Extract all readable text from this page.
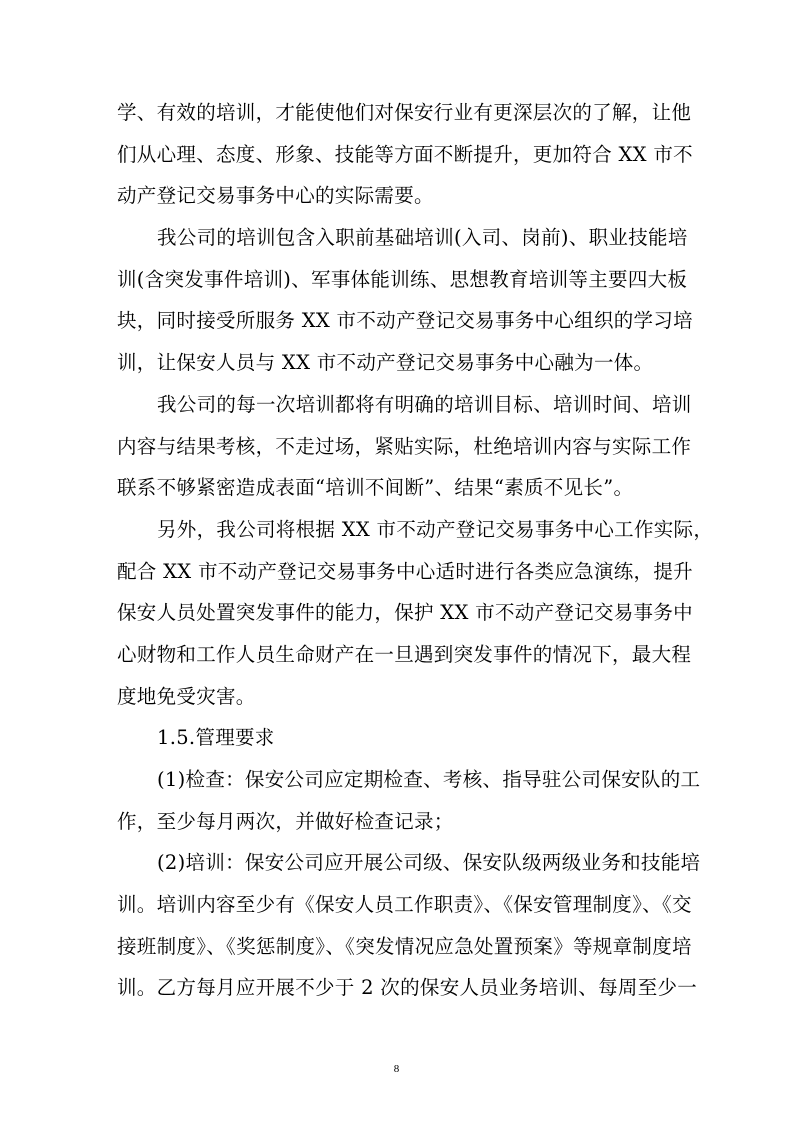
学、有效的培训，才能使他们对保安行业有更深层次的了解，让他
们从心理、态度、形象、技能等方面不断提升，更加符合 XX 市不
动产登记交易事务中心的实际需要。
我公司的培训包含入职前基础培训(入司、岗前)、职业技能培
训(含突发事件培训)、军事体能训练、思想教育培训等主要四大板
块，同时接受所服务 XX 市不动产登记交易事务中心组织的学习培
训，让保安人员与 XX 市不动产登记交易事务中心融为一体。
我公司的每一次培训都将有明确的培训目标、培训时间、培训
内容与结果考核，不走过场，紧贴实际，杜绝培训内容与实际工作
联系不够紧密造成表面“培训不间断”、结果“素质不见长”。
另外，我公司将根据 XX 市不动产登记交易事务中心工作实际，
配合 XX 市不动产登记交易事务中心适时进行各类应急演练，提升
保安人员处置突发事件的能力，保护 XX 市不动产登记交易事务中
心财物和工作人员生命财产在一旦遇到突发事件的情况下，最大程
度地免受灾害。
1.5.管理要求
(1)检查：保安公司应定期检查、考核、指导驻公司保安队的工
作，至少每月两次，并做好检查记录；
(2)培训：保安公司应开展公司级、保安队级两级业务和技能培
训。培训内容至少有《保安人员工作职责》、《保安管理制度》、《交
接班制度》、《奖惩制度》、《突发情况应急处置预案》等规章制度培
训。乙方每月应开展不少于 2 次的保安人员业务培训、每周至少一
8
